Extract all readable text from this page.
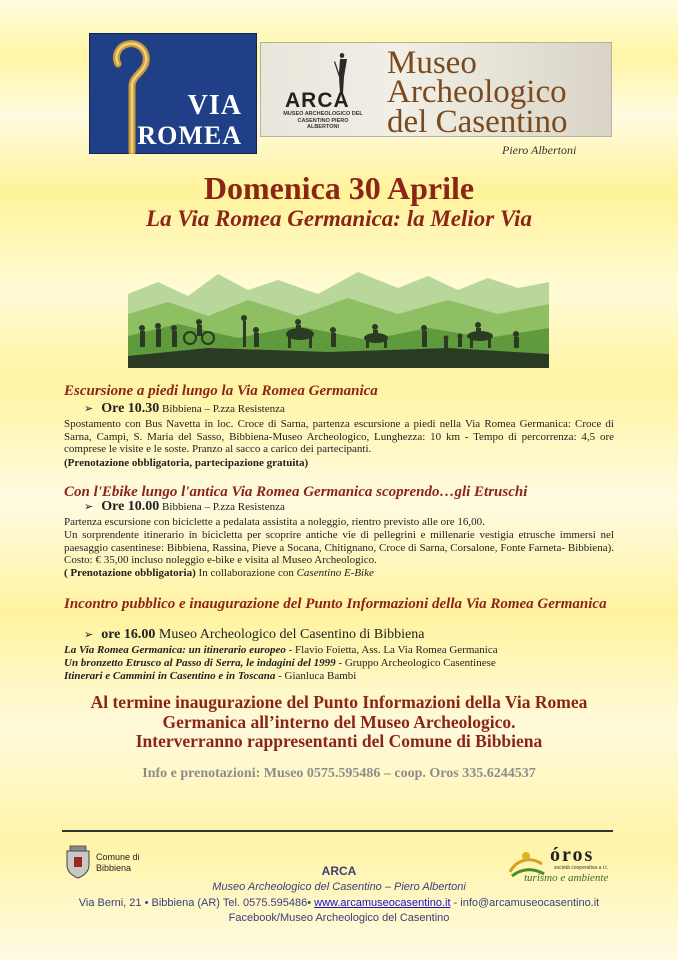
VIA
ROMEA
ARCA
MUSEO ARCHEOLOGICO DEL CASENTINO PIERO ALBERTONI
Museo
Archeologico
del Casentino
Piero Albertoni
Domenica 30 Aprile
La Via Romea Germanica: la Melior Via
Escursione a piedi lungo la Via Romea Germanica
➢ Ore 10.30 Bibbiena – P.zza Resistenza
Spostamento con Bus Navetta in loc. Croce di Sarna, partenza escursione a piedi nella Via Romea Germanica: Croce di Sarna, Campi, S. Maria del Sasso, Bibbiena-Museo Archeologico, Lunghezza: 10 km - Tempo di percorrenza: 4,5 ore comprese le visite e le soste. Pranzo al sacco a carico dei partecipanti.
(Prenotazione obbligatoria, partecipazione gratuita)
Con l'Ebike lungo l'antica Via Romea Germanica scoprendo…gli Etruschi
➢ Ore 10.00 Bibbiena – P.zza Resistenza
Partenza escursione con biciclette a pedalata assistita a noleggio, rientro previsto alle ore 16,00.
Un sorprendente itinerario in bicicletta per scoprire antiche vie di pellegrini e millenarie vestigia etrusche immersi nel paesaggio casentinese: Bibbiena, Rassina, Pieve a Socana, Chitignano, Croce di Sarna, Corsalone, Fonte Farneta- Bibbiena). Costo: € 35,00 incluso noleggio e-bike e visita al Museo Archeologico.
( Prenotazione obbligatoria) In collaborazione con Casentino E-Bike
Incontro pubblico e inaugurazione del Punto Informazioni della Via Romea Germanica
➢ ore 16.00 Museo Archeologico del Casentino di Bibbiena
La Via Romea Germanica: un itinerario europeo - Flavio Foietta, Ass. La Via Romea Germanica
Un bronzetto Etrusco al Passo di Serra, le indagini del 1999 - Gruppo Archeologico Casentinese
Itinerari e Cammini in Casentino e in Toscana - Gianluca Bambi
Al termine inaugurazione del Punto Informazioni della Via Romea
Germanica all’interno del Museo Archeologico.
Interverranno rappresentanti del Comune di Bibbiena
Info e prenotazioni: Museo 0575.595486 – coop. Oros 335.6244537
Comune di
Bibbiena
óros
società cooperativa a r.l.
turismo e ambiente
ARCA
Museo Archeologico del Casentino – Piero Albertoni
Via Berni, 21 • Bibbiena (AR) Tel. 0575.595486• www.arcamuseocasentino.it - info@arcamuseocasentino.it
Facebook/Museo Archeologico del Casentino
